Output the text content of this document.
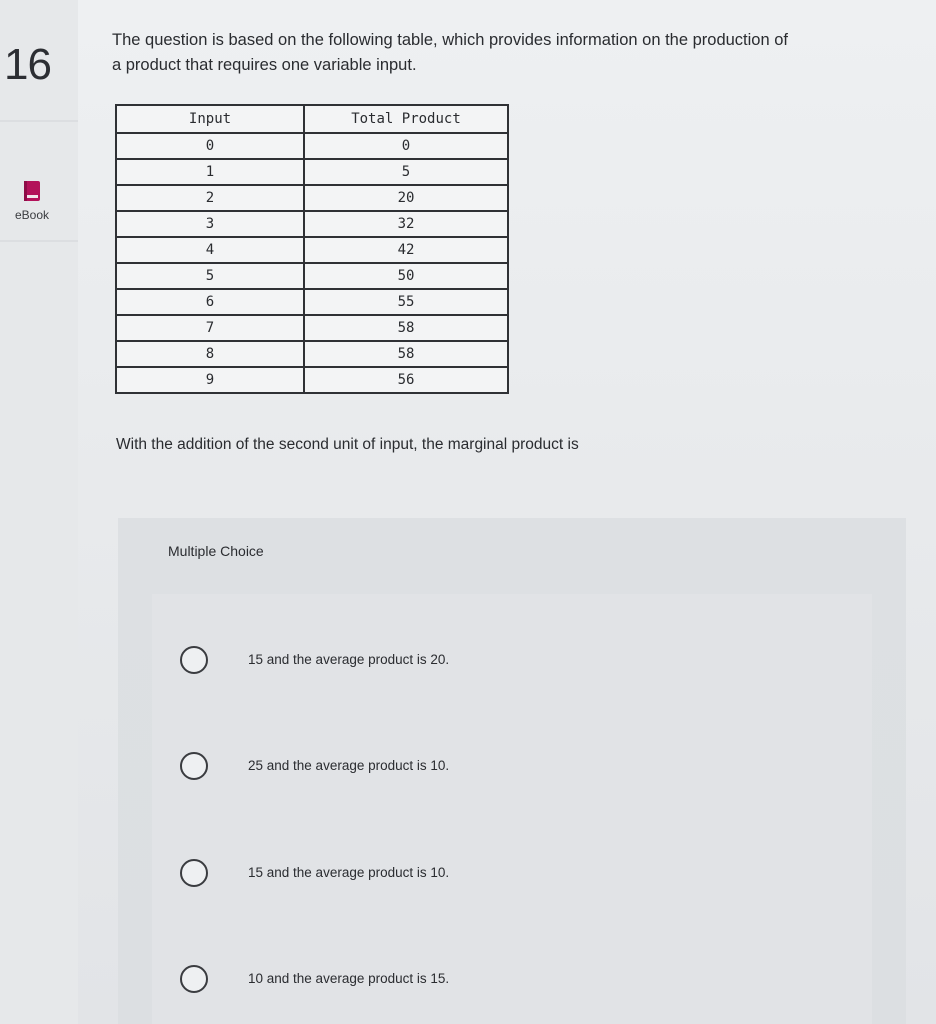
16
eBook
The question is based on the following table, which provides information on the production of
a product that requires one variable input.
Input	Total Product
0	0
1	5
2	20
3	32
4	42
5	50
6	55
7	58
8	58
9	56
With the addition of the second unit of input, the marginal product is
Multiple Choice
15 and the average product is 20.
25 and the average product is 10.
15 and the average product is 10.
10 and the average product is 15.
